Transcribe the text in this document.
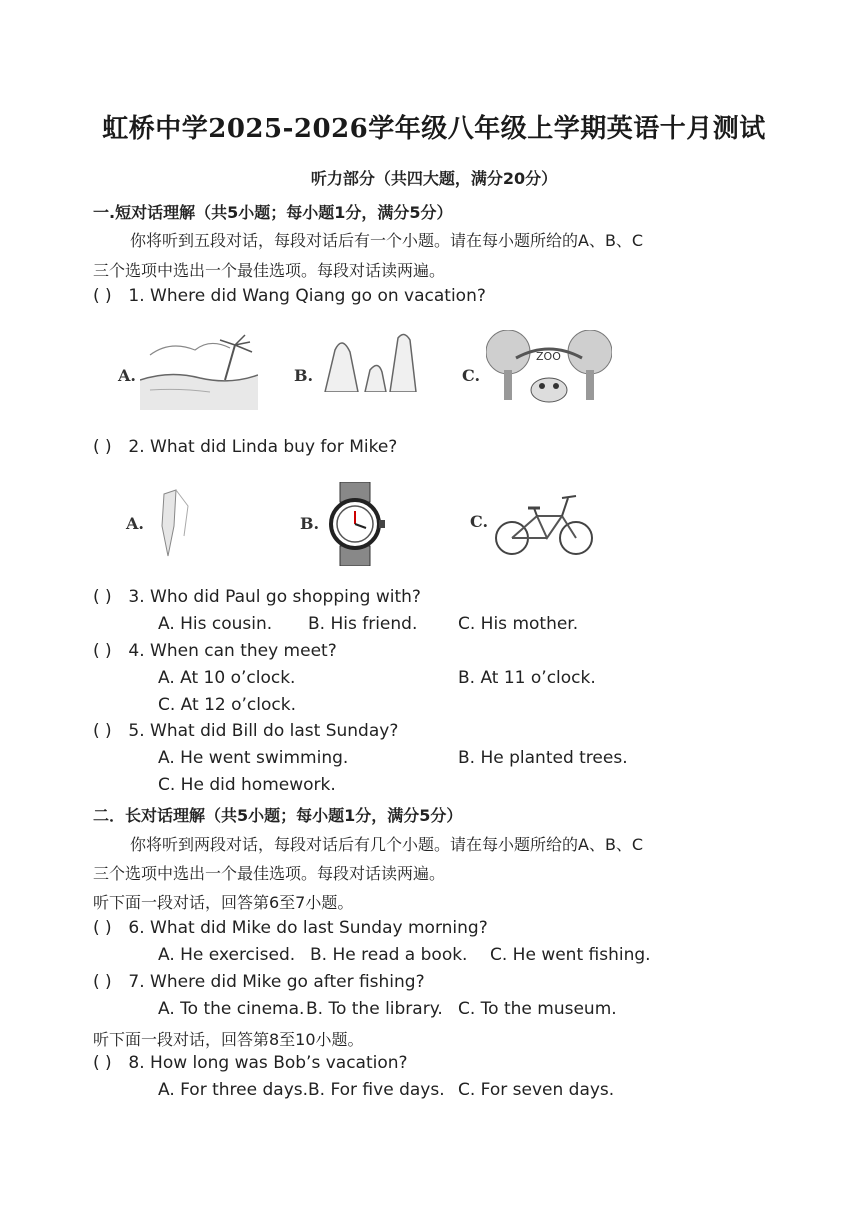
虹桥中学2025-2026学年级八年级上学期英语十月测试
听力部分（共四大题，满分20分）
一.短对话理解（共5小题；每小题1分，满分5分）
你将听到五段对话，每段对话后有一个小题。请在每小题所给的A、B、C
三个选项中选出一个最佳选项。每段对话读两遍。
( ) 1. Where did Wang Qiang go on vacation?
A.	B.	C.
ZOO
( ) 2. What did Linda buy for Mike?
A.	B.	C.
( ) 3. Who did Paul go shopping with?
A. His cousin. B. His friend. C. His mother.
( ) 4. When can they meet?
A. At 10 o’clock.	B. At 11 o’clock.
C. At 12 o’clock.
( ) 5. What did Bill do last Sunday?
A. He went swimming.	B. He planted trees.
C. He did homework.
二．长对话理解（共5小题；每小题1分，满分5分）
你将听到两段对话，每段对话后有几个小题。请在每小题所给的A、B、C
三个选项中选出一个最佳选项。每段对话读两遍。
听下面一段对话，回答第6至7小题。
( ) 6. What did Mike do last Sunday morning?
A. He exercised. B. He read a book. C. He went fishing.
( ) 7. Where did Mike go after fishing?
A. To the cinema. B. To the library. C. To the museum.
听下面一段对话，回答第8至10小题。
( ) 8. How long was Bob’s vacation?
A. For three days. B. For five days. C. For seven days.
